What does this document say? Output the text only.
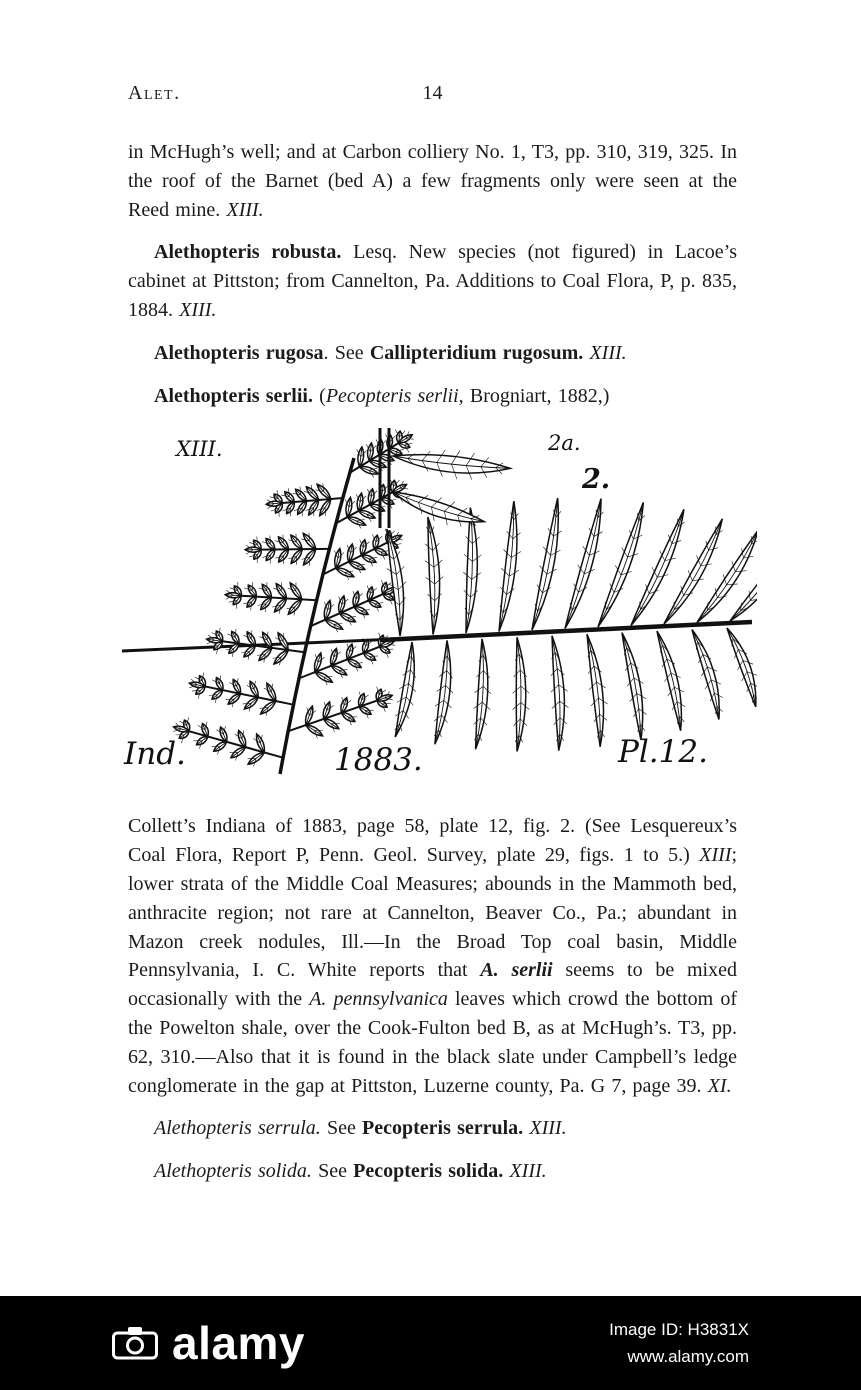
Alet.	14

in McHugh’s well; and at Carbon colliery No. 1, T3, pp. 310, 319, 325. In the roof of the Barnet (bed A) a few fragments only were seen at the Reed mine. XIII.

Alethopteris robusta. Lesq. New species (not figured) in Lacoe’s cabinet at Pittston; from Cannelton, Pa. Additions to Coal Flora, P, p. 835, 1884. XIII.

Alethopteris rugosa. See Callipteridium rugosum. XIII.

Alethopteris serlii. (Pecopteris serlii, Brogniart, 1882,)

XIII.	2a.
2.
Ind.	1883.	Pl.12.

Collett’s Indiana of 1883, page 58, plate 12, fig. 2. (See Lesquereux’s Coal Flora, Report P, Penn. Geol. Survey, plate 29, figs. 1 to 5.) XIII; lower strata of the Middle Coal Measures; abounds in the Mammoth bed, anthracite region; not rare at Cannelton, Beaver Co., Pa.; abundant in Mazon creek nodules, Ill.—In the Broad Top coal basin, Middle Pennsylvania, I. C. White reports that A. serlii seems to be mixed occasionally with the A. pennsylvanica leaves which crowd the bottom of the Powelton shale, over the Cook-Fulton bed B, as at McHugh’s. T3, pp. 62, 310.—Also that it is found in the black slate under Campbell’s ledge conglomerate in the gap at Pittston, Luzerne county, Pa. G 7, page 39. XI.

Alethopteris serrula. See Pecopteris serrula. XIII.

Alethopteris solida. See Pecopteris solida. XIII.

alamy	Image ID: H3831X
www.alamy.com
